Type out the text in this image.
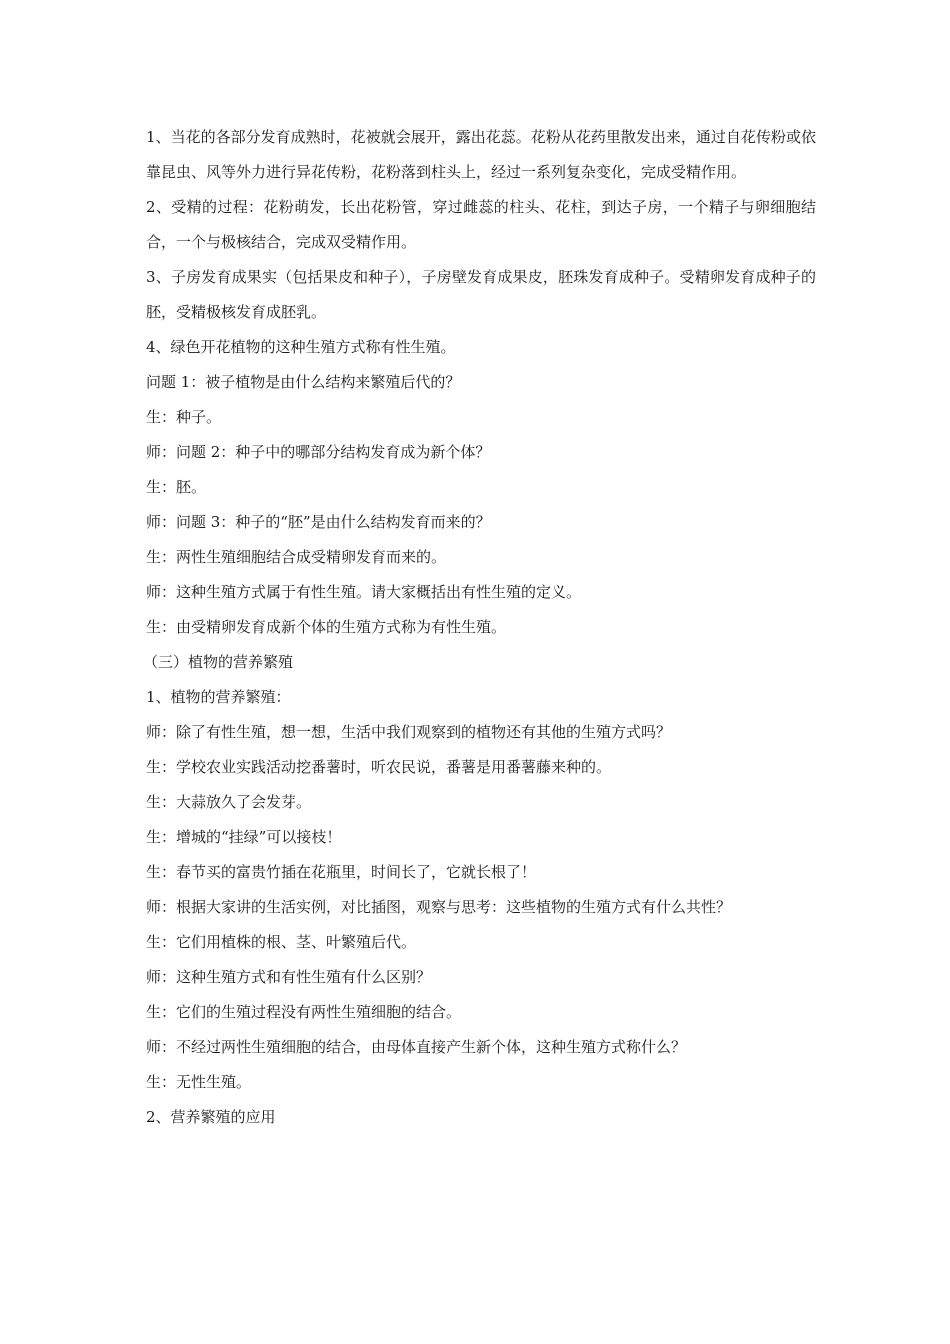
1、当花的各部分发育成熟时，花被就会展开，露出花蕊。花粉从花药里散发出来，通过自花传粉或依靠昆虫、风等外力进行异花传粉，花粉落到柱头上，经过一系列复杂变化，完成受精作用。

2、受精的过程：花粉萌发，长出花粉管，穿过雌蕊的柱头、花柱，到达子房，一个精子与卵细胞结合，一个与极核结合，完成双受精作用。

3、子房发育成果实（包括果皮和种子），子房壁发育成果皮，胚珠发育成种子。受精卵发育成种子的胚，受精极核发育成胚乳。

4、绿色开花植物的这种生殖方式称有性生殖。

问题 1：被子植物是由什么结构来繁殖后代的？

生：种子。

师：问题 2：种子中的哪部分结构发育成为新个体？

生：胚。

师：问题 3：种子的“胚”是由什么结构发育而来的？

生：两性生殖细胞结合成受精卵发育而来的。

师：这种生殖方式属于有性生殖。请大家概括出有性生殖的定义。

生：由受精卵发育成新个体的生殖方式称为有性生殖。

（三）植物的营养繁殖

1、植物的营养繁殖：

师：除了有性生殖，想一想，生活中我们观察到的植物还有其他的生殖方式吗？

生：学校农业实践活动挖番薯时，听农民说，番薯是用番薯藤来种的。

生：大蒜放久了会发芽。

生：增城的“挂绿”可以接枝！

生：春节买的富贵竹插在花瓶里，时间长了，它就长根了！

师：根据大家讲的生活实例，对比插图，观察与思考：这些植物的生殖方式有什么共性？

生：它们用植株的根、茎、叶繁殖后代。

师：这种生殖方式和有性生殖有什么区别？

生：它们的生殖过程没有两性生殖细胞的结合。

师：不经过两性生殖细胞的结合，由母体直接产生新个体，这种生殖方式称什么？

生：无性生殖。

2、营养繁殖的应用
